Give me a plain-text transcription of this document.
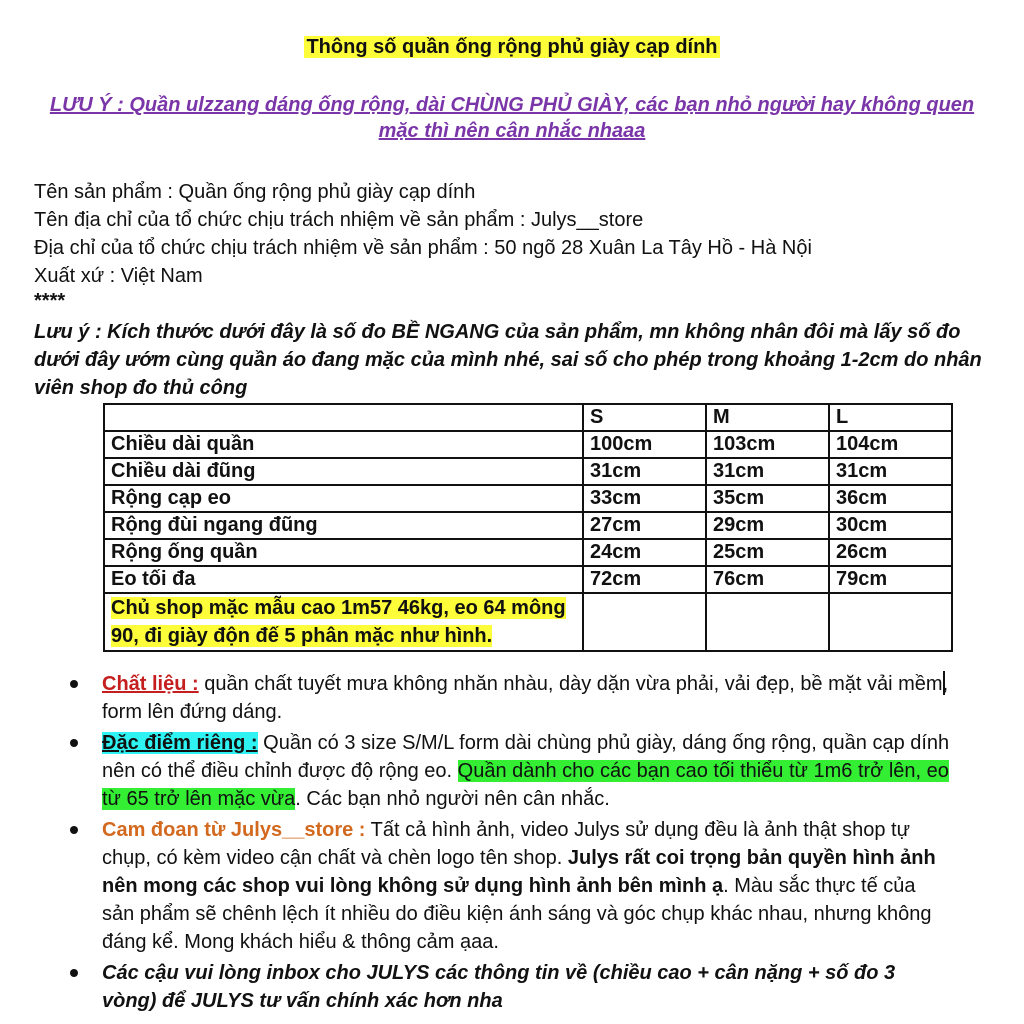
Thông số quần ống rộng phủ giày cạp dính
LƯU Ý : Quần ulzzang dáng ống rộng, dài CHÙNG PHỦ GIÀY, các bạn nhỏ người hay không quen mặc thì nên cân nhắc nhaaa
Tên sản phẩm : Quần ống rộng phủ giày cạp dính
Tên địa chỉ của tổ chức chịu trách nhiệm về sản phẩm : Julys__store
Địa chỉ của tổ chức chịu trách nhiệm về sản phẩm : 50 ngõ 28 Xuân La Tây Hồ - Hà Nội
Xuất xứ : Việt Nam
****
Lưu ý : Kích thước dưới đây là số đo BỀ NGANG của sản phẩm, mn không nhân đôi mà lấy số đo dưới đây ướm cùng quần áo đang mặc của mình nhé, sai số cho phép trong khoảng 1-2cm do nhân viên shop đo thủ công
	S	M	L
Chiều dài quần	100cm	103cm	104cm
Chiều dài đũng	31cm	31cm	31cm
Rộng cạp eo	33cm	35cm	36cm
Rộng đùi ngang đũng	27cm	29cm	30cm
Rộng ống quần	24cm	25cm	26cm
Eo tối đa	72cm	76cm	79cm
Chủ shop mặc mẫu cao 1m57 46kg, eo 64 mông 90, đi giày độn đế 5 phân mặc như hình.			
Chất liệu : quần chất tuyết mưa không nhăn nhàu, dày dặn vừa phải, vải đẹp, bề mặt vải mềm, form lên đứng dáng.
Đặc điểm riêng : Quần có 3 size S/M/L form dài chùng phủ giày, dáng ống rộng, quần cạp dính nên có thể điều chỉnh được độ rộng eo. Quần dành cho các bạn cao tối thiểu từ 1m6 trở lên, eo từ 65 trở lên mặc vừa. Các bạn nhỏ người nên cân nhắc.
Cam đoan từ Julys__store : Tất cả hình ảnh, video Julys sử dụng đều là ảnh thật shop tự chụp, có kèm video cận chất và chèn logo tên shop. Julys rất coi trọng bản quyền hình ảnh nên mong các shop vui lòng không sử dụng hình ảnh bên mình ạ. Màu sắc thực tế của sản phẩm sẽ chênh lệch ít nhiều do điều kiện ánh sáng và góc chụp khác nhau, nhưng không đáng kể. Mong khách hiểu & thông cảm ạaa.
Các cậu vui lòng inbox cho JULYS các thông tin về (chiều cao + cân nặng + số đo 3 vòng) để JULYS tư vấn chính xác hơn nha
